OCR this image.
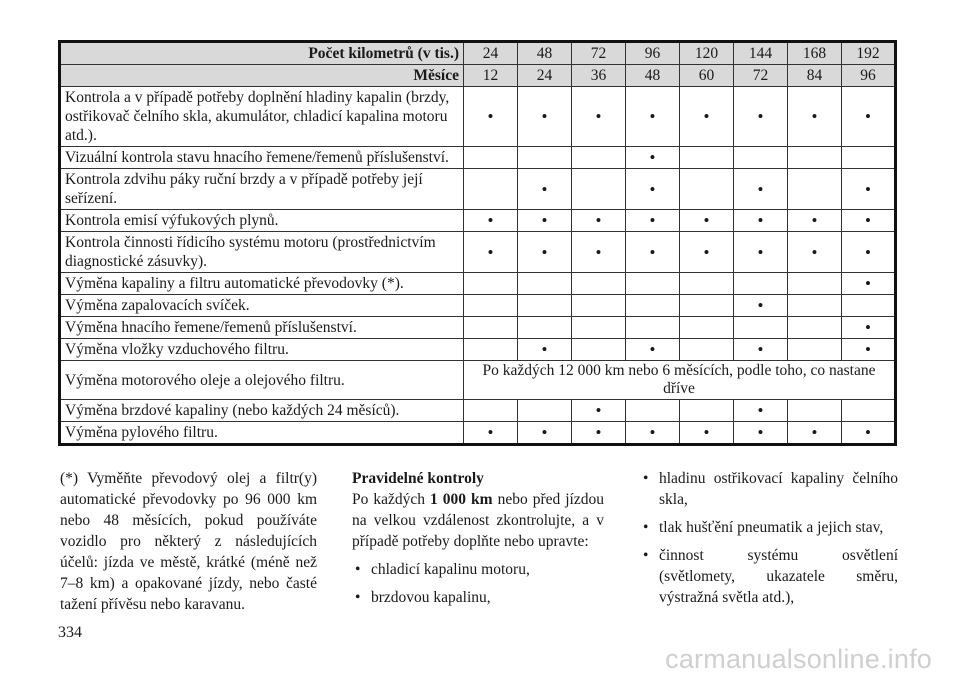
Počet kilometrů (v tis.)	24	48	72	96	120	144	168	192
Měsíce	12	24	36	48	60	72	84	96
Kontrola a v případě potřeby doplnění hladiny kapalin (brzdy, ostřikovač čelního skla, akumulátor, chladicí kapalina motoru atd.).	•	•	•	•	•	•	•	•
Vizuální kontrola stavu hnacího řemene/řemenů příslušenství.				•				
Kontrola zdvihu páky ruční brzdy a v případě potřeby její seřízení.		•		•		•		•
Kontrola emisí výfukových plynů.	•	•	•	•	•	•	•	•
Kontrola činnosti řídicího systému motoru (prostřednictvím diagnostické zásuvky).	•	•	•	•	•	•	•	•
Výměna kapaliny a filtru automatické převodovky (*).								•
Výměna zapalovacích svíček.						•		
Výměna hnacího řemene/řemenů příslušenství.								•
Výměna vložky vzduchového filtru.		•		•		•		•
Výměna motorového oleje a olejového filtru.	Po každých 12 000 km nebo 6 měsících, podle toho, co nastane dříve							
Výměna brzdové kapaliny (nebo každých 24 měsíců).			•			•		
Výměna pylového filtru.	•	•	•	•	•	•	•	•

(*) Vyměňte převodový olej a filtr(y) automatické převodovky po 96 000 km nebo 48 měsících, pokud používáte vozidlo pro některý z následujících účelů: jízda ve městě, krátké (méně než 7–8 km) a opakované jízdy, nebo časté tažení přívěsu nebo karavanu.

Pravidelné kontroly

Po každých 1 000 km nebo před jízdou na velkou vzdálenost zkontrolujte, a v případě potřeby doplňte nebo upravte:

• chladicí kapalinu motoru,
• brzdovou kapalinu,
• hladinu ostřikovací kapaliny čelního skla,
• tlak hušťění pneumatik a jejich stav,
• činnost systému osvětlení (světlomety, ukazatele směru, výstražná světla atd.),
334
carmanualsonline.info
